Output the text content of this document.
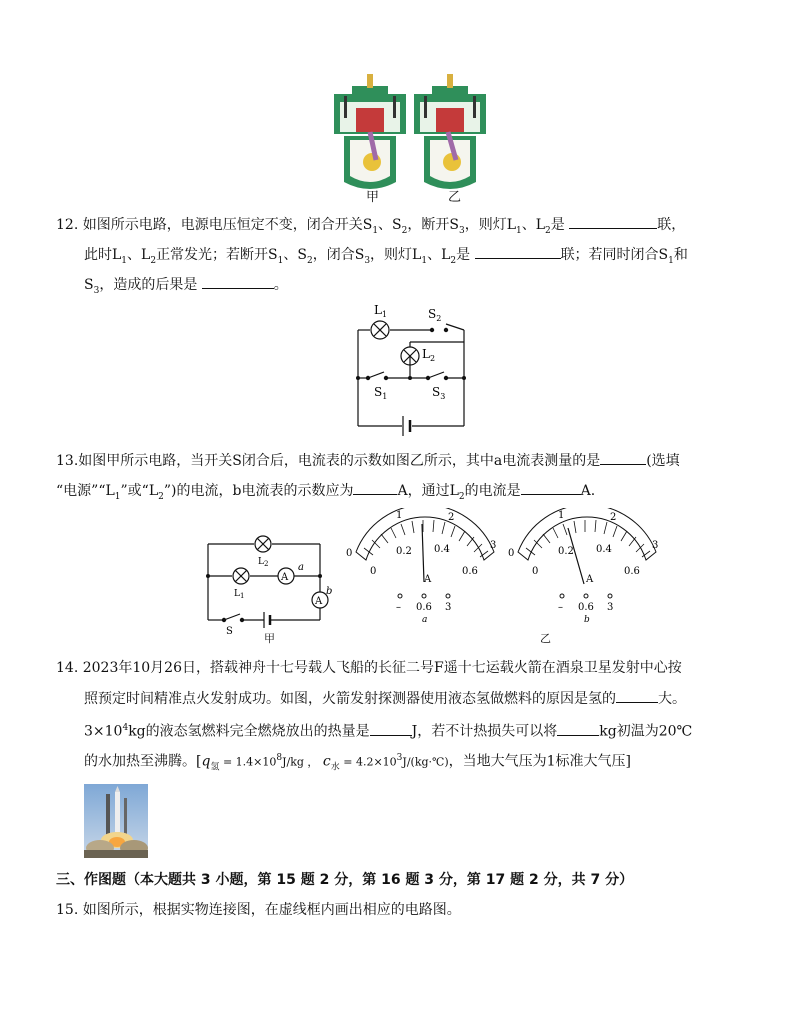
甲	乙
12. 如图所示电路，电源电压恒定不变，闭合开关$S_1$、$S_2$，断开$S_3$，则灯$L_1$、$L_2$是	联，
此时$L_1$、$L_2$正常发光；若断开$S_1$、$S_2$，闭合$S_3$，则灯$L_1$、$L_2$是	联；若同时闭合$S_1$和
$S_3$，造成的后果是	。
$L_1$	$S_2$
$L_2$
$S_1$	$S_3$
13.如图甲所示电路，当开关S闭合后，电流表的示数如图乙所示，其中a电流表测量的是	(选填
“电源$”“L_1$”或“$L_2$”)的电流，b电流表的示数应为	A，通过$L_2$的电流是	A.
A
A
a
b
$L_2$
$L_1$
S
甲
1	2
3
0
0
0.2 0.4
0.6
A
– 0.6 3
a
1	2
3
0
0
0.2 0.4
0.6
A
– 0.6 3
b
乙
14. 2023年10月26日，搭载神舟十七号载人飞船的长征二号F遥十七运载火箭在酒泉卫星发射中心按
照预定时间精准点火发射成功。如图，火箭发射探测器使用液态氢做燃料的原因是氢的	大。
$3\times 10^4kg$的液态氢燃料完全燃烧放出的热量是	J，若不计热损失可以将	kg初温为20℃
的水加热至沸腾。[$q_氢 = 1.4\times 10^8J/kg$ ， $c_水$ = $4.2\times 10^3J/(kg\cdot℃)$，当地大气压为1标准大气压]
三、作图题（本大题共 3 小题，第 15 题 2 分，第 16 题 3 分，第 17 题 2 分，共 7 分）
15. 如图所示，根据实物连接图，在虚线框内画出相应的电路图。
